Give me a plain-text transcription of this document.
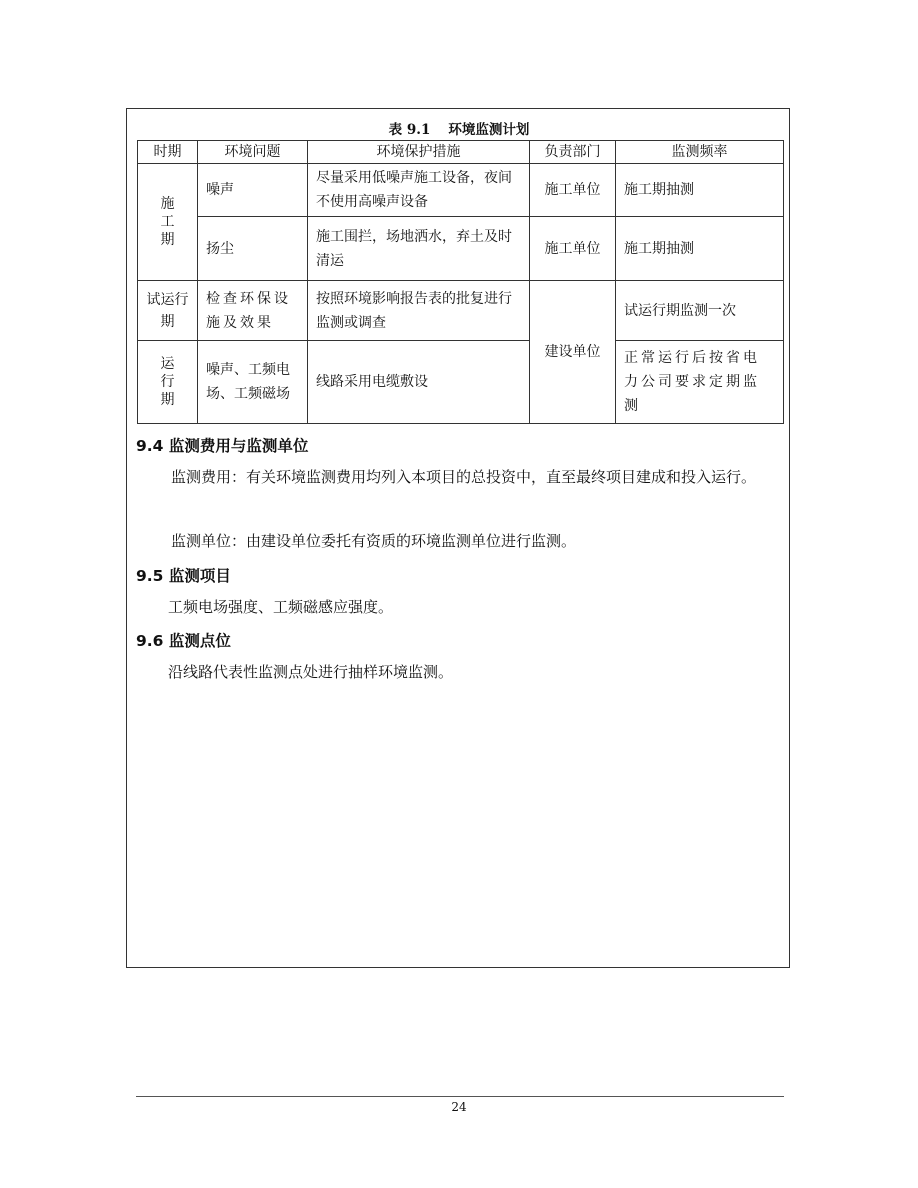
表 9.1 环境监测计划
时期	环境问题	环境保护措施	负责部门	监测频率

施
工
期	噪声	尽量采用低噪声施工设备，夜间不使用高噪声设备	施工单位	施工期抽测
	扬尘	施工围拦，场地洒水，弃土及时清运	施工单位	施工期抽测
试运行期	检查环保设施及效果	按照环境影响报告表的批复进行监测或调查	建设单位	试运行期监测一次

运
行
期	噪声、工频电场、工频磁场	线路采用电缆敷设		正常运行后按省电力公司要求定期监测
9.4 监测费用与监测单位
监测费用：有关环境监测费用均列入本项目的总投资中，直至最终项目建成和投入运行。
监测单位：由建设单位委托有资质的环境监测单位进行监测。
9.5 监测项目
工频电场强度、工频磁感应强度。
9.6 监测点位
沿线路代表性监测点处进行抽样环境监测。
24
